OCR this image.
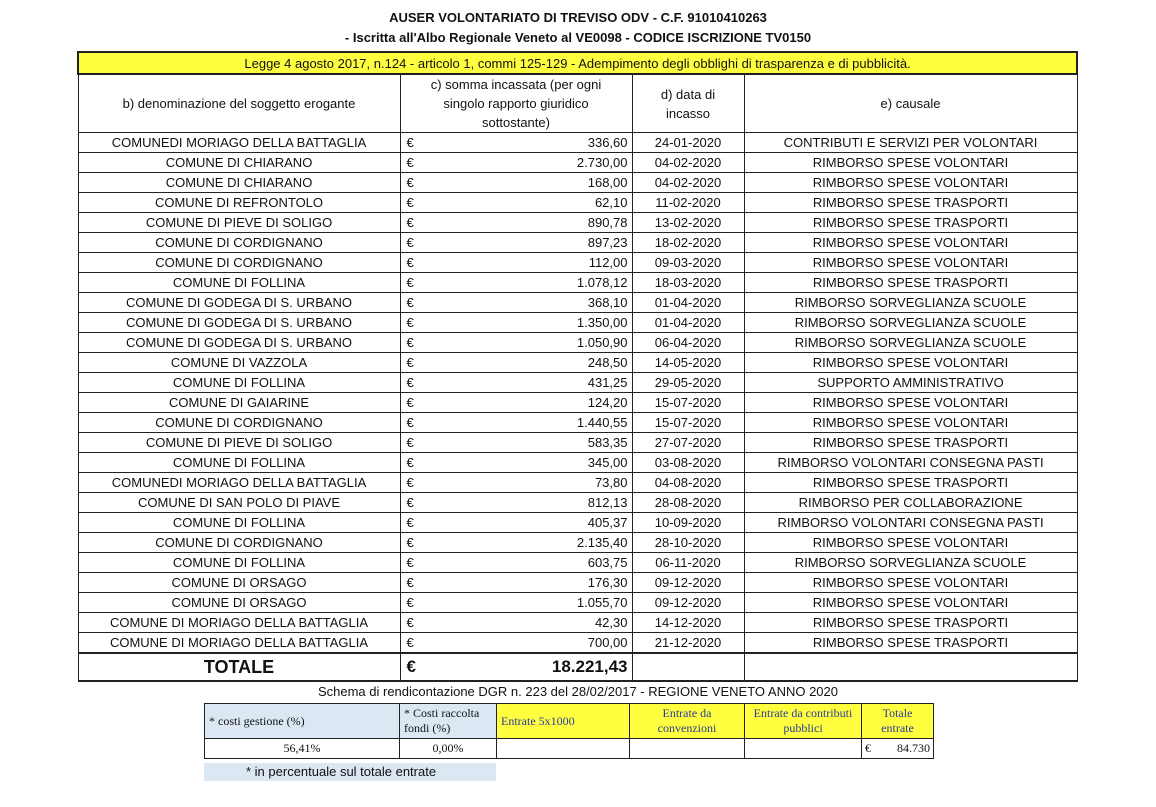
AUSER VOLONTARIATO DI TREVISO ODV - C.F. 91010410263
- Iscritta all'Albo Regionale Veneto al VE0098 - CODICE ISCRIZIONE TV0150
Legge 4 agosto 2017, n.124 - articolo 1, commi 125-129 - Adempimento degli obblighi di trasparenza e di pubblicità.				
b) denominazione del soggetto erogante	c) somma incassata (per ogni singolo rapporto giuridico sottostante)		d) data di incasso	e) causale
COMUNEDI MORIAGO DELLA BATTAGLIA	€	336,60	24-01-2020	CONTRIBUTI E SERVIZI PER VOLONTARI
COMUNE DI CHIARANO	€	2.730,00	04-02-2020	RIMBORSO SPESE VOLONTARI
COMUNE DI CHIARANO	€	168,00	04-02-2020	RIMBORSO SPESE VOLONTARI
COMUNE DI REFRONTOLO	€	62,10	11-02-2020	RIMBORSO SPESE TRASPORTI
COMUNE DI PIEVE DI SOLIGO	€	890,78	13-02-2020	RIMBORSO SPESE TRASPORTI
COMUNE DI CORDIGNANO	€	897,23	18-02-2020	RIMBORSO SPESE VOLONTARI
COMUNE DI CORDIGNANO	€	112,00	09-03-2020	RIMBORSO SPESE VOLONTARI
COMUNE DI FOLLINA	€	1.078,12	18-03-2020	RIMBORSO SPESE TRASPORTI
COMUNE DI GODEGA DI S. URBANO	€	368,10	01-04-2020	RIMBORSO SORVEGLIANZA SCUOLE
COMUNE DI GODEGA DI S. URBANO	€	1.350,00	01-04-2020	RIMBORSO SORVEGLIANZA SCUOLE
COMUNE DI GODEGA DI S. URBANO	€	1.050,90	06-04-2020	RIMBORSO SORVEGLIANZA SCUOLE
COMUNE DI VAZZOLA	€	248,50	14-05-2020	RIMBORSO SPESE VOLONTARI
COMUNE DI FOLLINA	€	431,25	29-05-2020	SUPPORTO AMMINISTRATIVO
COMUNE DI GAIARINE	€	124,20	15-07-2020	RIMBORSO SPESE VOLONTARI
COMUNE DI CORDIGNANO	€	1.440,55	15-07-2020	RIMBORSO SPESE VOLONTARI
COMUNE DI PIEVE DI SOLIGO	€	583,35	27-07-2020	RIMBORSO SPESE TRASPORTI
COMUNE DI FOLLINA	€	345,00	03-08-2020	RIMBORSO VOLONTARI CONSEGNA PASTI
COMUNEDI MORIAGO DELLA BATTAGLIA	€	73,80	04-08-2020	RIMBORSO SPESE TRASPORTI
COMUNE DI SAN POLO DI PIAVE	€	812,13	28-08-2020	RIMBORSO PER COLLABORAZIONE
COMUNE DI FOLLINA	€	405,37	10-09-2020	RIMBORSO VOLONTARI CONSEGNA PASTI
COMUNE DI CORDIGNANO	€	2.135,40	28-10-2020	RIMBORSO SPESE VOLONTARI
COMUNE DI FOLLINA	€	603,75	06-11-2020	RIMBORSO SORVEGLIANZA SCUOLE
COMUNE DI ORSAGO	€	176,30	09-12-2020	RIMBORSO SPESE VOLONTARI
COMUNE DI ORSAGO	€	1.055,70	09-12-2020	RIMBORSO SPESE VOLONTARI
COMUNE DI MORIAGO DELLA BATTAGLIA	€	42,30	14-12-2020	RIMBORSO SPESE TRASPORTI
COMUNE DI MORIAGO DELLA BATTAGLIA	€	700,00	21-12-2020	RIMBORSO SPESE TRASPORTI
TOTALE	€	18.221,43		
Schema di rendicontazione DGR n. 223 del 28/02/2017 - REGIONE VENETO ANNO 2020
* costi gestione (%)	* Costi raccolta fondi (%)	Entrate 5x1000	Entrate da convenzioni	Entrate da contributi pubblici	Totale entrate
56,41%	0,00%				€ 84.730
* in percentuale sul totale entrate
